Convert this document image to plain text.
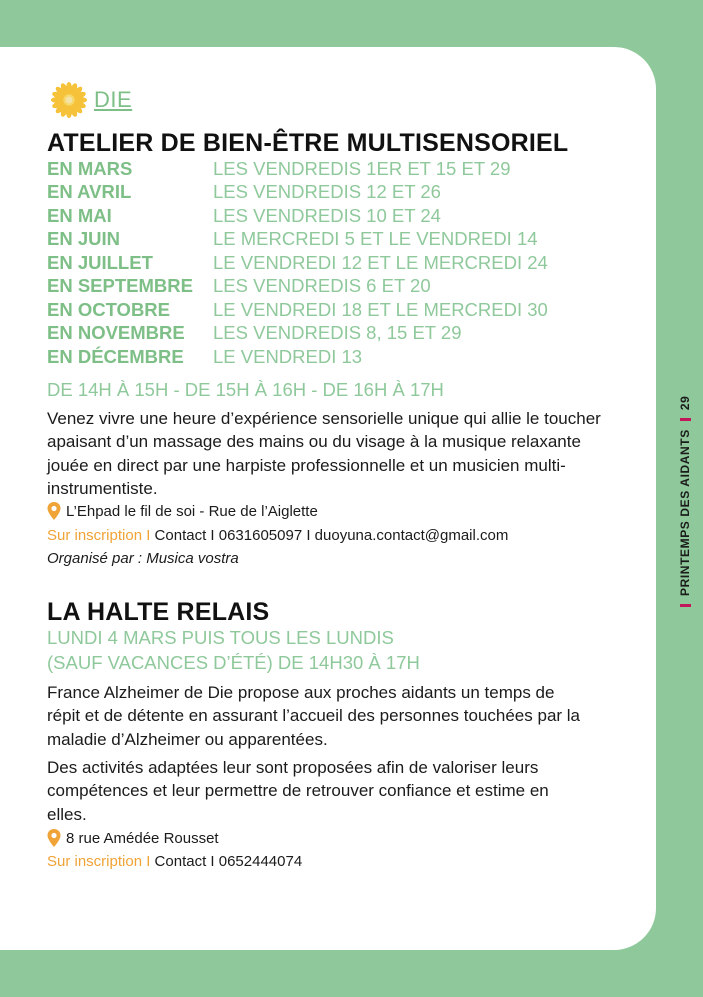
DIE
ATELIER DE BIEN-ÊTRE MULTISENSORIEL
EN MARS	LES VENDREDIS 1ER ET 15 ET 29
EN AVRIL	LES VENDREDIS 12 ET 26
EN MAI	LES VENDREDIS 10 ET 24
EN JUIN	LE MERCREDI 5 ET LE VENDREDI 14
EN JUILLET	LE VENDREDI 12 ET LE MERCREDI 24
EN SEPTEMBRE	LES VENDREDIS 6 ET 20
EN OCTOBRE	LE VENDREDI 18 ET LE MERCREDI 30
EN NOVEMBRE	LES VENDREDIS 8, 15 ET 29
EN DÉCEMBRE	LE VENDREDI 13

DE 14H À 15H - DE 15H À 16H - DE 16H À 17H

Venez vivre une heure d’expérience sensorielle unique qui allie le toucher apaisant d’un massage des mains ou du visage à la musique relaxante jouée en direct par une harpiste professionnelle et un musicien multi-instrumentiste.

L’Ehpad le fil de soi - Rue de l’Aiglette
Sur inscription I
Contact I 0631605097 I duoyuna.contact@gmail.com
Organisé par : Musica vostra
LA HALTE RELAIS

LUNDI 4 MARS PUIS TOUS LES LUNDIS

(SAUF VACANCES D’ÉTÉ) DE 14H30 À 17H

France Alzheimer de Die propose aux proches aidants un temps de répit et de détente en assurant l’accueil des personnes touchées par la maladie d’Alzheimer ou apparentées.

Des activités adaptées leur sont proposées afin de valoriser leurs compétences et leur permettre de retrouver confiance et estime en elles.

8 rue Amédée Rousset
Sur inscription I
Contact I 0652444074
PRINTEMPS DES AIDANTS
29
